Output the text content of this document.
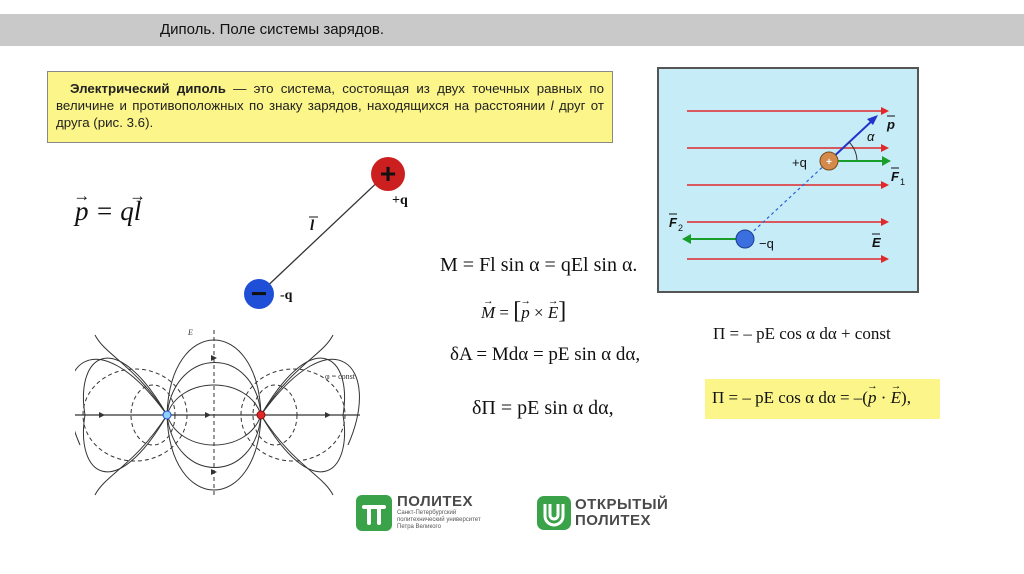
Диполь. Поле системы зарядов.
Электрический диполь — это система, состоящая из двух точечных равных по величине и противоположных по знаку зарядов, находящихся на расстоянии l друг от друга (рис. 3.6).
→ p = q→ l
+
−
+q
-q
l
E
φ = const
M = Fl sin α = qEl sin α.
→ M = [→ p × → E]
δA = Mdα = pE sin α dα,
δП = pE sin α dα,
+
p
α
+q
−q
F 1
F 2
E
П = – pE cos α dα + const
П = – pE cos α dα = –(→ p · → E),
ПОЛИТЕХ
Санкт-Петербургский
политехнический университет
Петра Великого
ОТКРЫТЫЙ
ПОЛИТЕХ
